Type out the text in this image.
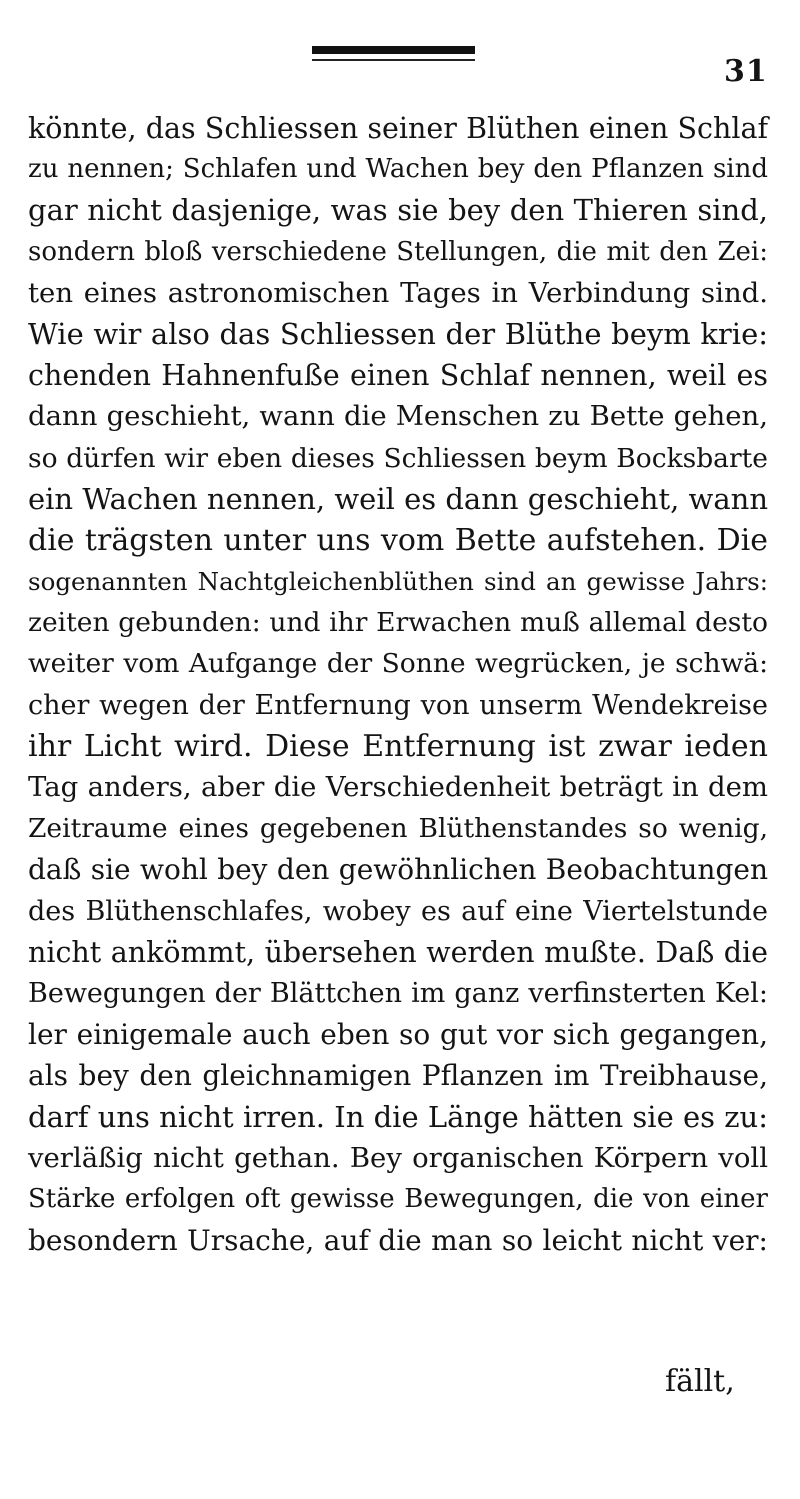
31
könnte, das Schliessen seiner Blüthen einen Schlaf
zu nennen; Schlafen und Wachen bey den Pflanzen sind
gar nicht dasjenige, was sie bey den Thieren sind,
sondern bloß verschiedene Stellungen, die mit den Zei:
ten eines astronomischen Tages in Verbindung sind.
Wie wir also das Schliessen der Blüthe beym krie:
chenden Hahnenfuße einen Schlaf nennen, weil es
dann geschieht, wann die Menschen zu Bette gehen,
so dürfen wir eben dieses Schliessen beym Bocksbarte
ein Wachen nennen, weil es dann geschieht, wann
die trägsten unter uns vom Bette aufstehen. Die
sogenannten Nachtgleichenblüthen sind an gewisse Jahrs:
zeiten gebunden: und ihr Erwachen muß allemal desto
weiter vom Aufgange der Sonne wegrücken, je schwä:
cher wegen der Entfernung von unserm Wendekreise
ihr Licht wird. Diese Entfernung ist zwar ieden
Tag anders, aber die Verschiedenheit beträgt in dem
Zeitraume eines gegebenen Blüthenstandes so wenig,
daß sie wohl bey den gewöhnlichen Beobachtungen
des Blüthenschlafes, wobey es auf eine Viertelstunde
nicht ankömmt, übersehen werden mußte. Daß die
Bewegungen der Blättchen im ganz verfinsterten Kel:
ler einigemale auch eben so gut vor sich gegangen,
als bey den gleichnamigen Pflanzen im Treibhause,
darf uns nicht irren. In die Länge hätten sie es zu:
verläßig nicht gethan. Bey organischen Körpern voll
Stärke erfolgen oft gewisse Bewegungen, die von einer
besondern Ursache, auf die man so leicht nicht ver:
fällt,
